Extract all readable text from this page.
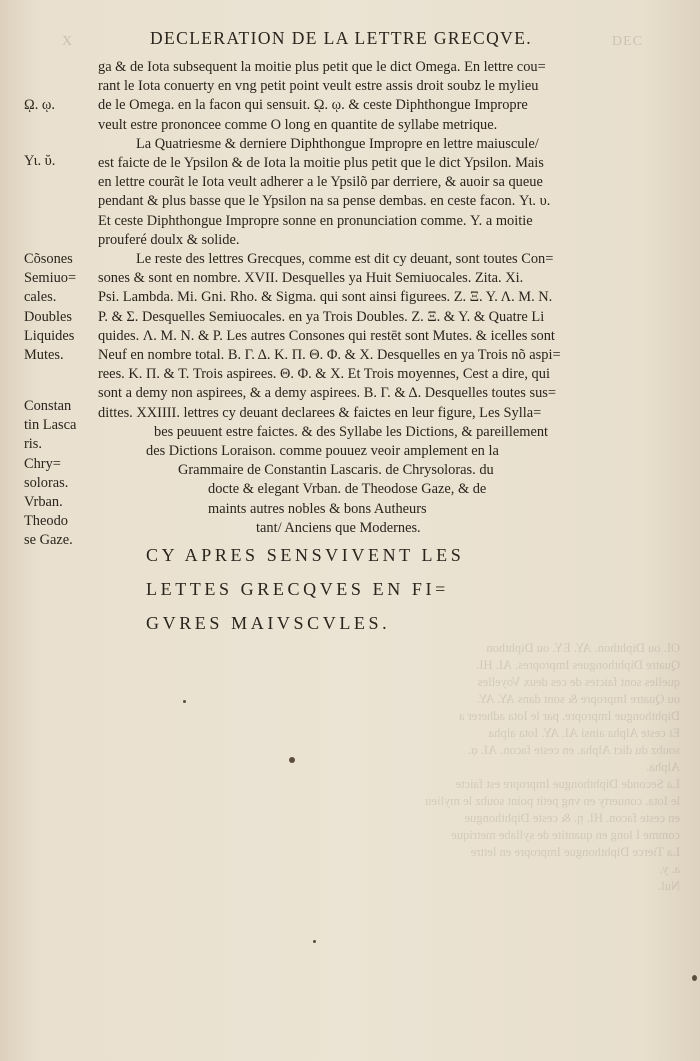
X	DECLERATION DE LA LETTRE GRECQVE.	DEC
ga & de Iota subsequent la moitie plus petit que le dict Omega. En lettre cou=
rant le Iota conuerty en vng petit point veult estre assis droit soubz le mylieu
de le Omega. en la facon qui sensuit. ῼ. ῳ. & ceste Diphthongue Impropre
veult estre prononcee comme O long en quantite de syllabe metrique.
La Quatriesme & derniere Diphthongue Impropre en lettre maiuscule/
est faicte de le Ypsilon & de Iota la moitie plus petit que le dict Ypsilon. Mais
en lettre courãt le Iota veult adherer a le Ypsilõ par derriere, & auoir sa queue
pendant & plus basse que le Ypsilon na sa pense dembas. en ceste facon. Υι. υ.
Et ceste Diphthongue Impropre sonne en pronunciation comme. Υ. a moitie
prouferé doulx & solide.
Le reste des lettres Grecques, comme est dit cy deuant, sont toutes Con=
sones & sont en nombre. XVII. Desquelles ya Huit Semiuocales. Zita. Xi.
Psi. Lambda. Mi. Gni. Rho. & Sigma. qui sont ainsi figurees. Ζ. Ξ. Υ. Λ. Μ. Ν.
Ρ. & Σ. Desquelles Semiuocales. en ya Trois Doubles. Ζ. Ξ. & Υ. & Quatre Li
quides. Λ. Μ. Ν. & Ρ. Les autres Consones qui restēt sont Mutes. & icelles sont
Neuf en nombre total. Β. Γ. Δ. Κ. Π. Θ. Φ. & Χ. Desquelles en ya Trois nõ aspi=
rees. Κ. Π. & Τ. Trois aspirees. Θ. Φ. & Χ. Et Trois moyennes, Cest a dire, qui
sont a demy non aspirees, & a demy aspirees. Β. Γ. & Δ. Desquelles toutes sus=
dittes. XXIIII. lettres cy deuant declarees & faictes en leur figure, Les Sylla=
bes peuuent estre faictes. & des Syllabe les Dictions, & pareillement
des Dictions Loraison. comme pouuez veoir amplement en la
Grammaire de Constantin Lascaris. de Chrysoloras. du
docte & elegant Vrban. de Theodose Gaze, & de
maints autres nobles & bons Autheurs
tant/ Anciens que Modernes.
ῼ. ῳ.
Υι. ῠ.
Cõsones
Semiuo=
cales.
Doubles
Liquides
Mutes.
Constan
tin Lasca
ris.
Chry=
soloras.
Vrban.
Theodo
se Gaze.
CY APRES SENSVIVENT LES
LETTES GRECQVES EN FI=
GVRES MAIVSCVLES.
OI. ou Diphthon. ΑΥ. ΕΥ. ou Diphthon
Quatre Diphthongues Impropres. ΑΙ. ΗΙ.
quelles sont faictes de ces deux Voyelles
ou Quatre Impropre & sont dans ΑΥ. ΑΥ.
Diphthongue Impropre. par le Iota adherer a
Et ceste Alpha ainsi ΑΙ. ΑΥ. Iota alpha
soubz du dict Alpha. en ceste facon. ΑΙ. ᾳ.
Alpha.
La Seconde Diphthongue Impropre est faicte
le Iota. conuerty en vng petit point soubz le mylieu
en ceste facon. ΗΙ. ῃ. & ceste Diphthongue
comme I long en quantite de syllabe metrique
La Tierce Diphthongue Impropre en lettre
a. y.
Nul.
